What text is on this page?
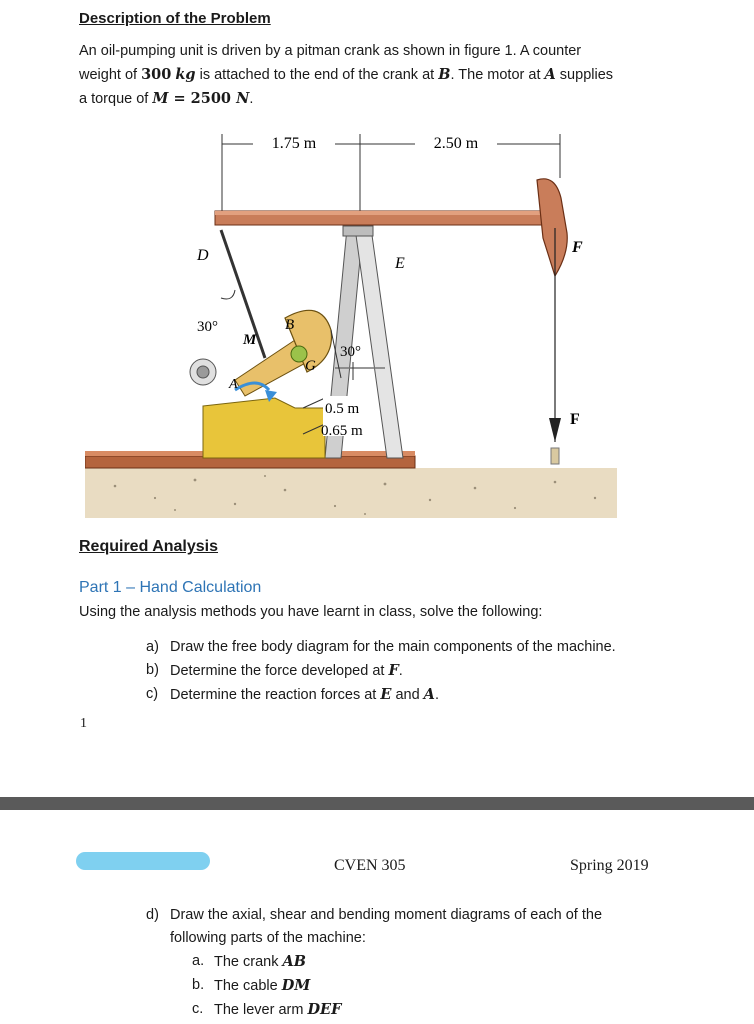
Description of the Problem
An oil-pumping unit is driven by a pitman crank as shown in figure 1. A counter
weight of 300 kg is attached to the end of the crank at B. The motor at A supplies
a torque of M = 2500 N.
1.75 m	2.50 m
F
F
E
D
30°	B
G
M
A
30°
0.5 m
0.65 m
Required Analysis
Part 1 – Hand Calculation
Using the analysis methods you have learnt in class, solve the following:
a) Draw the free body diagram for the main components of the machine.
b) Determine the force developed at F.
c) Determine the reaction forces at E and A.
1
CVEN 305	Spring 2019
d) Draw the axial, shear and bending moment diagrams of each of the
following parts of the machine:
a. The crank AB
b. The cable DM
c. The lever arm DEF
